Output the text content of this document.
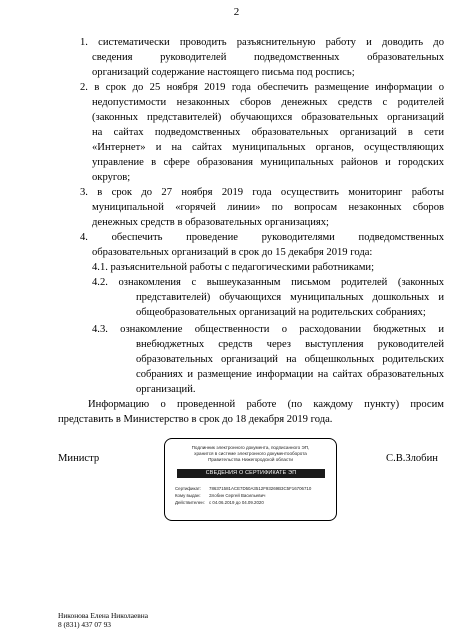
2
1. систематически проводить разъяснительную работу и доводить до
сведения руководителей подведомственных образовательных
организаций содержание настоящего письма под роспись;
2. в срок до 25 ноября 2019 года обеспечить размещение информации о
недопустимости незаконных сборов денежных средств с родителей
(законных представителей) обучающихся образовательных организаций
на сайтах подведомственных образовательных организаций в сети
«Интернет» и на сайтах муниципальных органов, осуществляющих
управление в сфере образования муниципальных районов и городских
округов;
3. в срок до 27 ноября 2019 года осуществить мониторинг работы
муниципальной «горячей линии» по вопросам незаконных сборов
денежных средств в образовательных организациях;
4. обеспечить проведение руководителями подведомственных
образовательных организаций в срок до 15 декабря 2019 года:
4.1. разъяснительной работы с педагогическими работниками;
4.2. ознакомления с вышеуказанным письмом родителей (законных
представителей) обучающихся муниципальных дошкольных и
общеобразовательных организаций на родительских собраниях;
4.3. ознакомление общественности о расходовании бюджетных и
внебюджетных средств через выступления руководителей
образовательных организаций на общешкольных родительских
собраниях и размещение информации на сайтах образовательных
организаций.
Информацию о проведенной работе (по каждому пункту) просим
представить в Министерство в срок до 18 декабря 2019 года.
Министр	С.В.Злобин
Подлинник электронного документа, подписанного ЭП,
хранится в системе электронного документооборота
Правительства Нижегородской области
СВЕДЕНИЯ О СЕРТИФИКАТЕ ЭП
Сертификат: 786371581ACE7D50A3512F93269B3C5F16706710
Кому выдан: Злобин Сергей Васильевич
Действителен: с 04.06.2019 до 04.09.2020
Никонова Елена Николаевна
8 (831) 437 07 93
